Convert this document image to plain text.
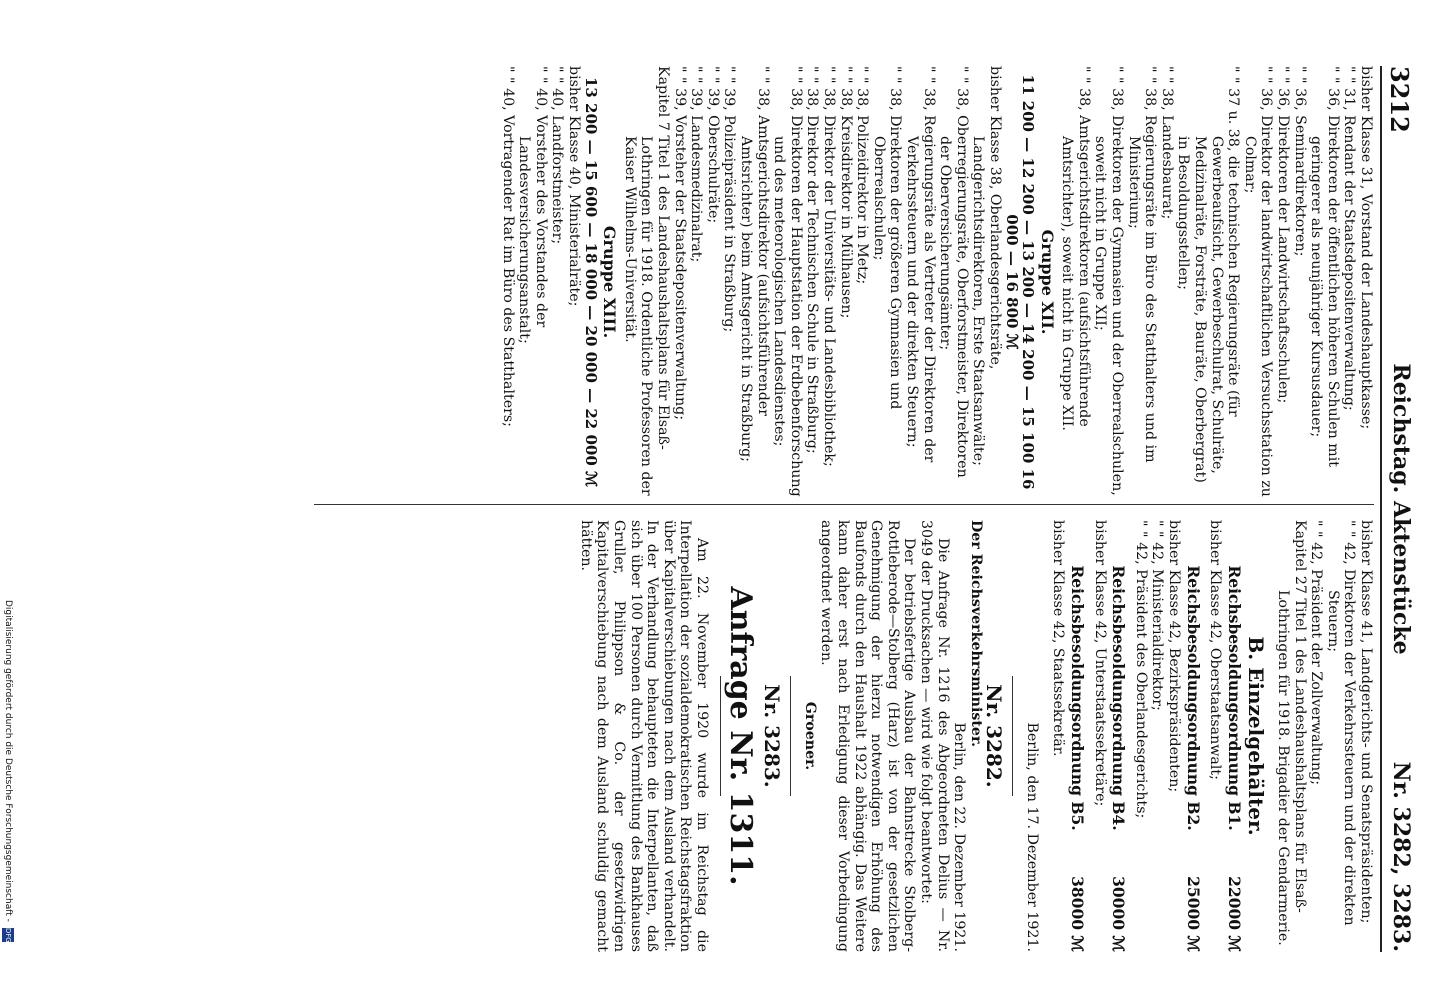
3212
Reichstag. Aktenstücke
Nr. 3282, 3283.

bisher Klasse 31, Vorstand der Landeshauptkasse;

" " 31, Rendant der Staatsdepositenverwaltung;

" " 36, Direktoren der öffentlichen höheren Schulen mit geringerer als neunjähriger Kursusdauer;

" " 36, Seminardirektoren;

" " 36, Direktoren der Landwirtschaftsschulen;

" " 36, Direktor der landwirtschaftlichen Versuchsstation zu Colmar;

" " 37 u. 38, die technischen Regierungsräte (für Gewerbeaufsicht, Gewerbeschulrat, Schulräte, Medizinalräte, Forsträte, Bauräte, Oberbergrat) in Besoldungsstellen;

" " 38, Landesbaurat;

" " 38, Regierungsräte im Büro des Statthalters und im Ministerium;

" " 38, Direktoren der Gymnasien und der Oberrealschulen, soweit nicht in Gruppe XII;

" " 38, Amtsgerichtsdirektoren (aufsichtsführende Amtsrichter), soweit nicht in Gruppe XII.

Gruppe XII.
11 200 — 12 200 — 13 200 — 14 200 — 15 100 16 000 — 16 800 ℳ

bisher Klasse 38, Oberlandesgerichtsräte, Landgerichtsdirektoren, Erste Staatsanwälte;

" " 38, Oberregierungsräte, Oberforstmeister, Direktoren der Oberversicherungsämter;

" " 38, Regierungsräte als Vertreter der Direktoren der Verkehrssteuern und der direkten Steuern;

" " 38, Direktoren der größeren Gymnasien und Oberrealschulen;

" " 38, Polizeidirektor in Metz;

" " 38, Kreisdirektor in Mülhausen;

" " 38, Direktor der Universitäts- und Landesbibliothek;

" " 38, Direktor der Technischen Schule in Straßburg;

" " 38, Direktoren der Hauptstation der Erdbebenforschung und des meteorologischen Landesdienstes;

" " 38, Amtsgerichtsdirektor (aufsichtsführender Amtsrichter) beim Amtsgericht in Straßburg;

" " 39, Polizeipräsident in Straßburg;

" " 39, Oberschulräte;

" " 39, Landesmedizinalrat;

" " 39, Vorsteher der Staatsdepositenverwaltung;

Kapitel 7 Titel 1 des Landeshaushaltsplans für Elsaß-Lothringen für 1918. Ordentliche Professoren der Kaiser Wilhelms-Universität.

Gruppe XIII.
13 200 — 15 600 — 18 000 — 20 000 — 22 000 ℳ

bisher Klasse 40, Ministerialräte;

" " 40, Landforstmeister;

" " 40, Vorsteher des Vorstandes der Landesversicherungsanstalt;

" " 40, Vortragender Rat im Büro des Statthalters;

bisher Klasse 41, Landgerichts- und Senatspräsidenten;

" " 42, Direktoren der Verkehrssteuern und der direkten Steuern;

" " 42, Präsident der Zollverwaltung;

Kapitel 27 Titel 1 des Landeshaushaltsplans für Elsaß-Lothringen für 1918. Brigadier der Gendarmerie.

B. Einzelgehälter.
Reichsbesoldungsordnung B1.
22000 ℳ

bisher Klasse 42, Oberstaatsanwalt;

Reichsbesoldungsordnung B2.
25000 ℳ

bisher Klasse 42, Bezirkspräsidenten;

" " 42, Ministerialdirektor;

" " 42, Präsident des Oberlandesgerichts;

Reichsbesoldungsordnung B4.
30000 ℳ

bisher Klasse 42, Unterstaatssekretäre;

Reichsbesoldungsordnung B5.
38000 ℳ

bisher Klasse 42, Staatssekretär.

Berlin, den 17. Dezember 1921.

Nr. 3282.

Der Reichsverkehrsminister.

Berlin, den 22. Dezember 1921.

Die Anfrage Nr. 1216 des Abgeordneten Delius — Nr. 3049 der Drucksachen — wird wie folgt beantwortet:

Der betriebsfertige Ausbau der Bahnstrecke Stolberg-Rottleberode—Stolberg (Harz) ist von der gesetzlichen Genehmigung der hierzu notwendigen Erhöhung des Baufonds durch den Haushalt 1922 abhängig. Das Weitere kann daher erst nach Erledigung dieser Vorbedingung angeordnet werden.

Groener.

Nr. 3283.
Anfrage Nr. 1311.

Am 22. November 1920 wurde im Reichstag die Interpellation der sozialdemokratischen Reichstagsfraktion über Kapitalverschiebungen nach dem Ausland verhandelt. In der Verhandlung behaupteten die Interpellanten, daß sich über 100 Personen durch Vermittlung des Bankhauses Gruller, Philippson & Co. der gesetzwidrigen Kapitalverschiebung nach dem Ausland schuldig gemacht hätten.

Digitalisierung gefördert durch die Deutsche Forschungsgemeinschaft -DFG
